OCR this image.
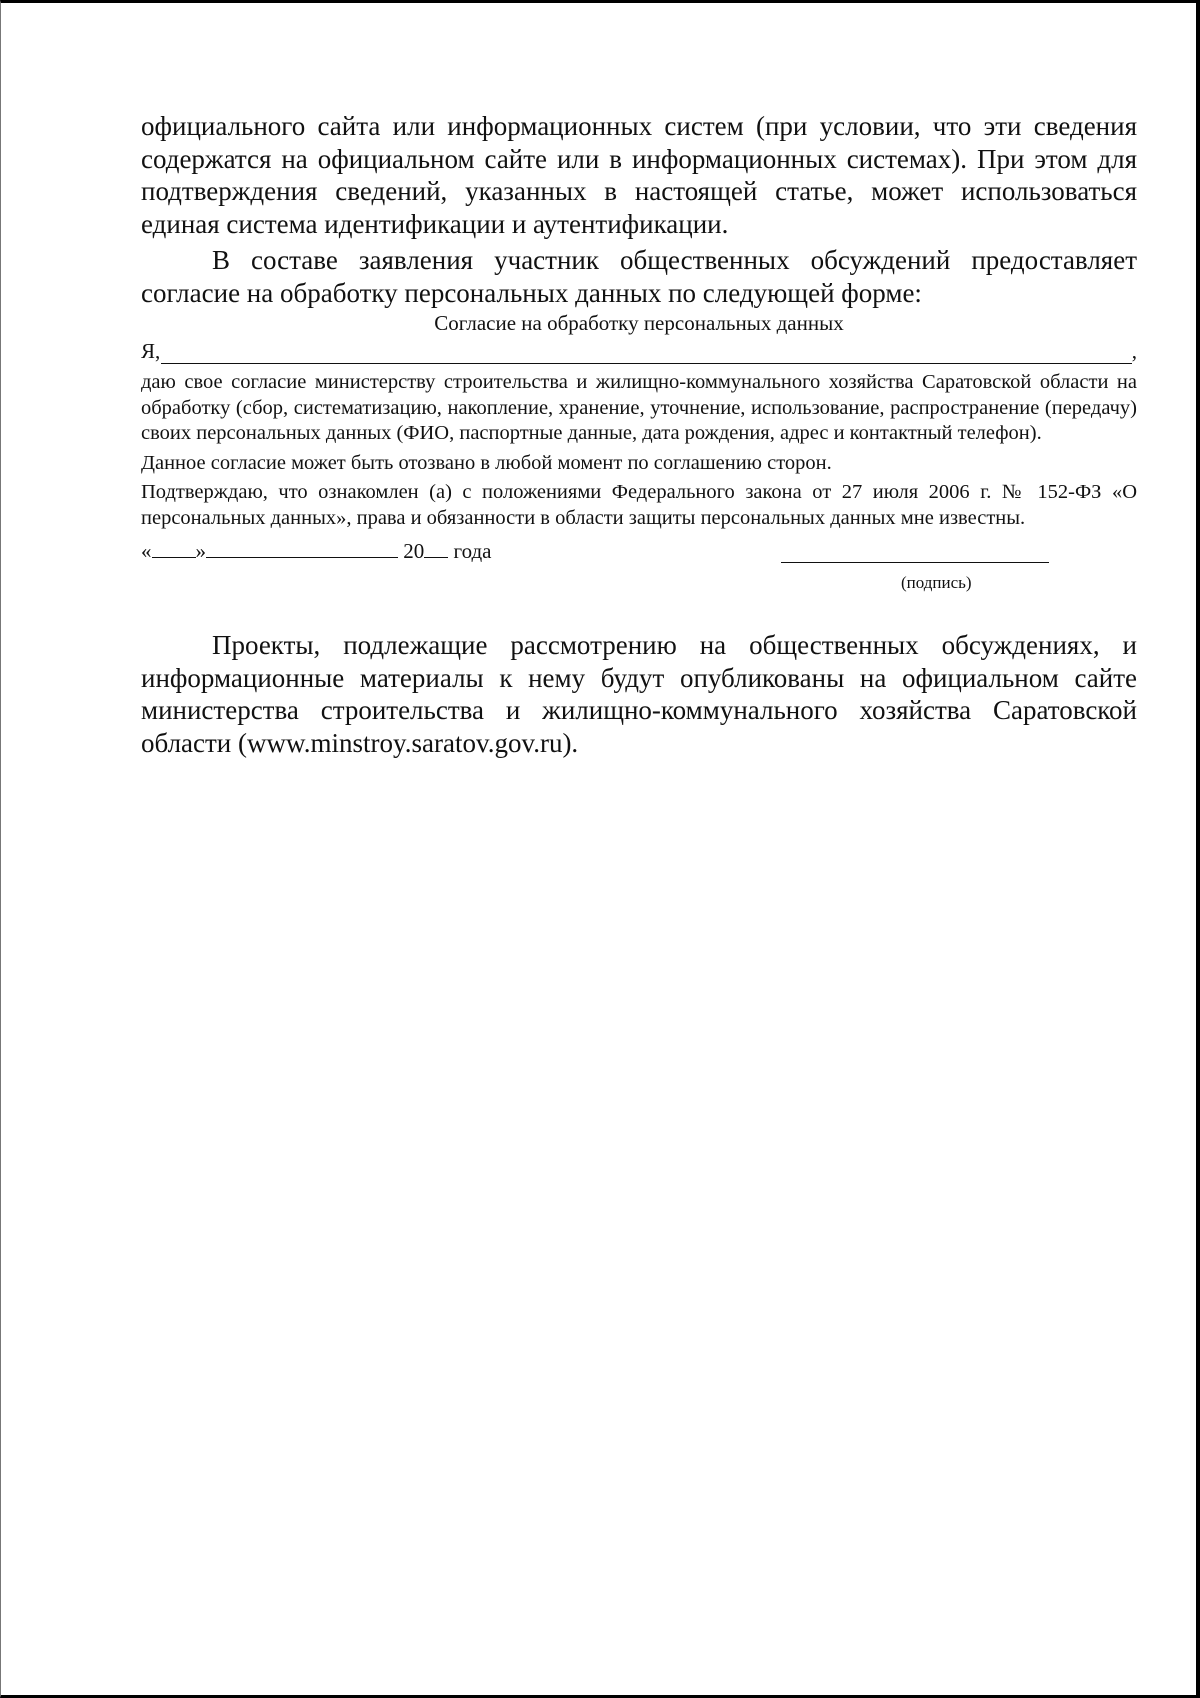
официального сайта или информационных систем (при условии, что эти сведения содержатся на официальном сайте или в информационных системах). При этом для подтверждения сведений, указанных в настоящей статье, может использоваться единая система идентификации и аутентификации.

В составе заявления участник общественных обсуждений предоставляет согласие на обработку персональных данных по следующей форме:

Согласие на обработку персональных данных

Я,	,

даю свое согласие министерству строительства и жилищно-коммунального хозяйства Саратовской области на обработку (сбор, систематизацию, накопление, хранение, уточнение, использование, распространение (передачу) своих персональных данных (ФИО, паспортные данные, дата рождения, адрес и контактный телефон).

Данное согласие может быть отозвано в любой момент по соглашению сторон.

Подтверждаю, что ознакомлен (а) с положениями Федерального закона от 27 июля 2006 г. № 152-ФЗ «О персональных данных», права и обязанности в области защиты персональных данных мне известны.

« »	20 года
(подпись)

Проекты, подлежащие рассмотрению на общественных обсуждениях, и информационные материалы к нему будут опубликованы на официальном сайте министерства строительства и жилищно-коммунального хозяйства Саратовской области (www.minstroy.saratov.gov.ru).
